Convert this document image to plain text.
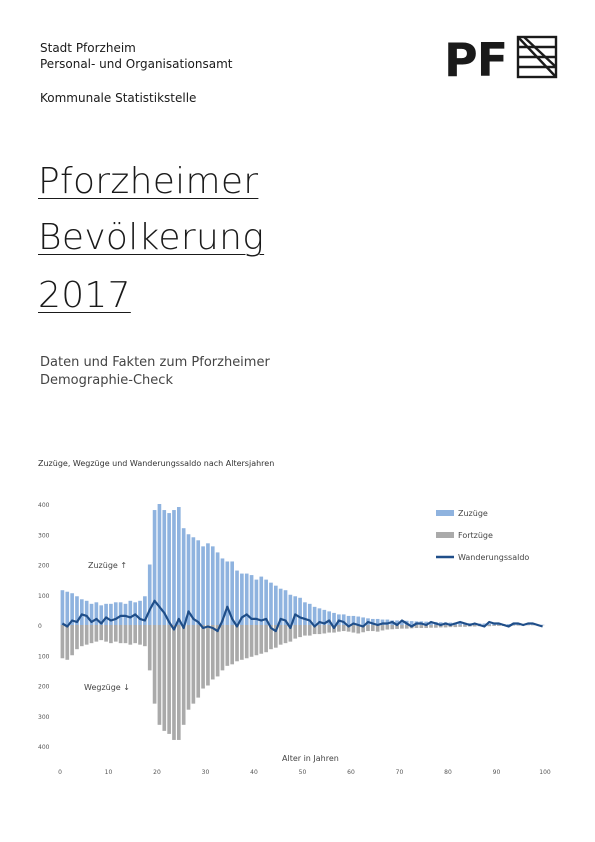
Stadt Pforzheim
Personal- und Organisationsamt
Kommunale Statistikstelle
PF
Pforzheimer
Bevölkerung
2017
Daten und Fakten zum Pforzheimer
Demographie-Check
Zuzüge, Wegzüge und Wanderungssaldo nach Altersjahren
400
300
200
100
0
100
200
300
400
0	10	20	30	40	50	60	70	80	90	100
Zuzüge ↑
Wegzüge ↓
Alter in Jahren
Zuzüge
Fortzüge
Wanderungssaldo
